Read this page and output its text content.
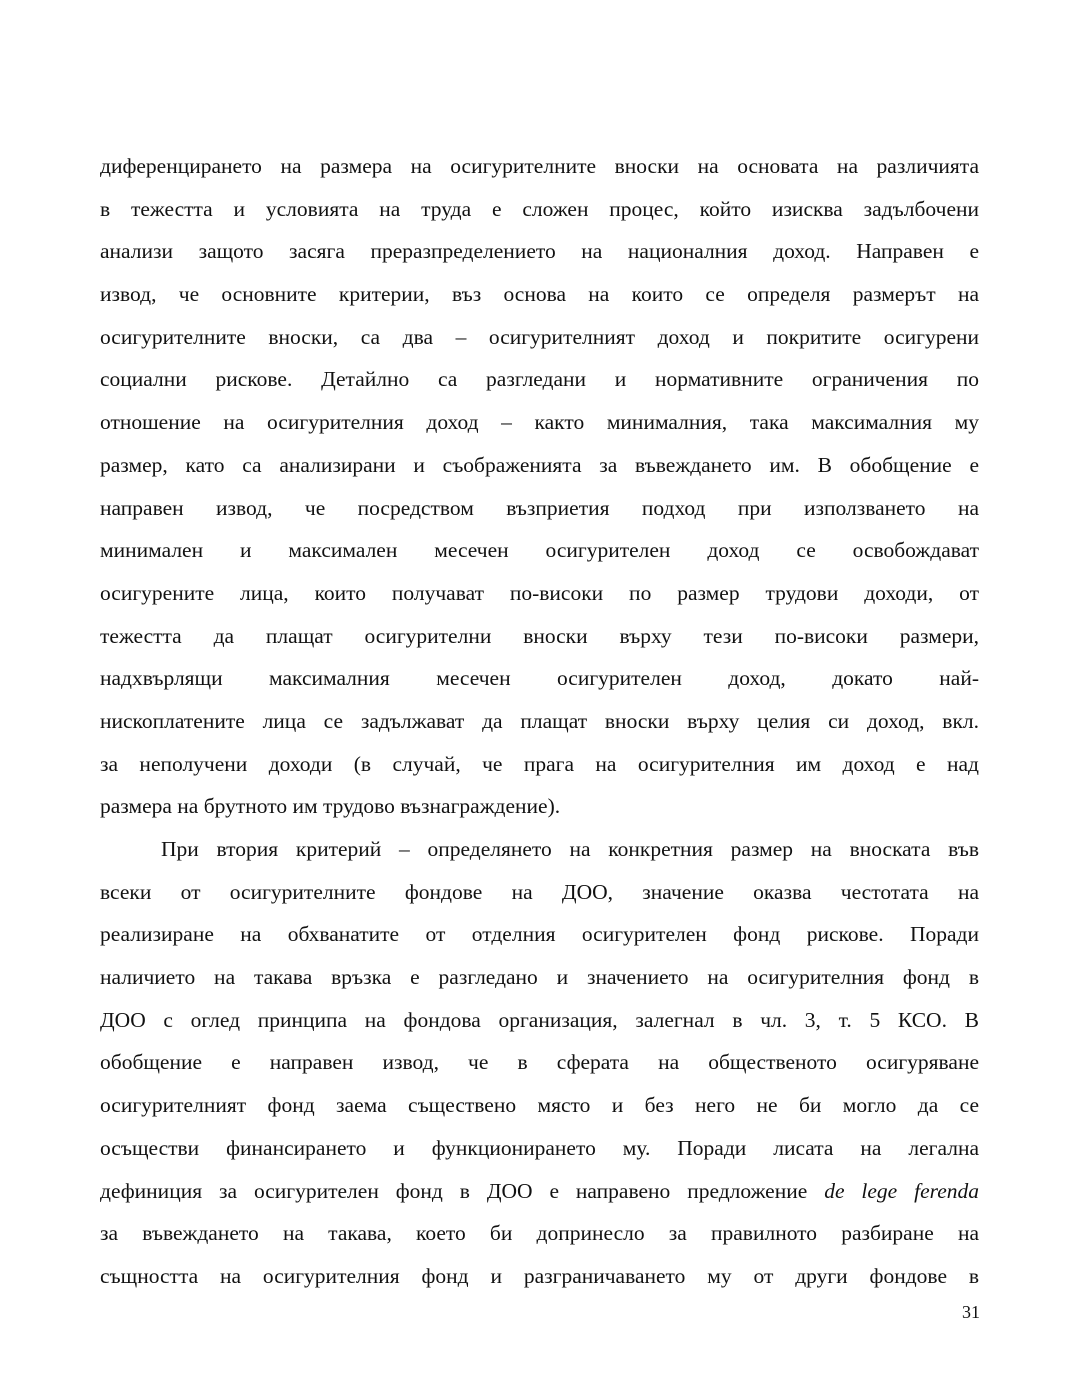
диференцирането на размера на осигурителните вноски на основата на различията
в тежестта и условията на труда е сложен процес, който изисква задълбочени
анализи защото засяга преразпределението на националния доход. Направен е
извод, че основните критерии, въз основа на които се определя размерът на
осигурителните вноски, са два – осигурителният доход и покритите осигурени
социални рискове. Детайлно са разгледани и нормативните ограничения по
отношение на осигурителния доход – както минималния, така максималния му
размер, като са анализирани и съображенията за въвеждането им. В обобщение е
направен извод, че посредством възприетия подход при използването на
минимален и максимален месечен осигурителен доход се освобождават
осигурените лица, които получават по-високи по размер трудови доходи, от
тежестта да плащат осигурителни вноски върху тези по-високи размери,
надхвърлящи максималния месечен осигурителен доход, докато най-
нископлатените лица се задължават да плащат вноски върху целия си доход, вкл.
за неполучени доходи (в случай, че прага на осигурителния им доход е над
размера на брутното им трудово възнаграждение).
При втория критерий – определянето на конкретния размер на вноската във
всеки от осигурителните фондове на ДОО, значение оказва честотата на
реализиране на обхванатите от отделния осигурителен фонд рискове. Поради
наличието на такава връзка е разгледано и значението на осигурителния фонд в
ДОО с оглед принципа на фондова организация, залегнал в чл. 3, т. 5 КСО. В
обобщение е направен извод, че в сферата на общественото осигуряване
осигурителният фонд заема съществено място и без него не би могло да се
осъществи финансирането и функционирането му. Поради лисата на легална
дефиниция за осигурителен фонд в ДОО е направено предложение de lege ferenda
за въвеждането на такава, което би допринесло за правилното разбиране на
същността на осигурителния фонд и разграничаването му от други фондове в
31
